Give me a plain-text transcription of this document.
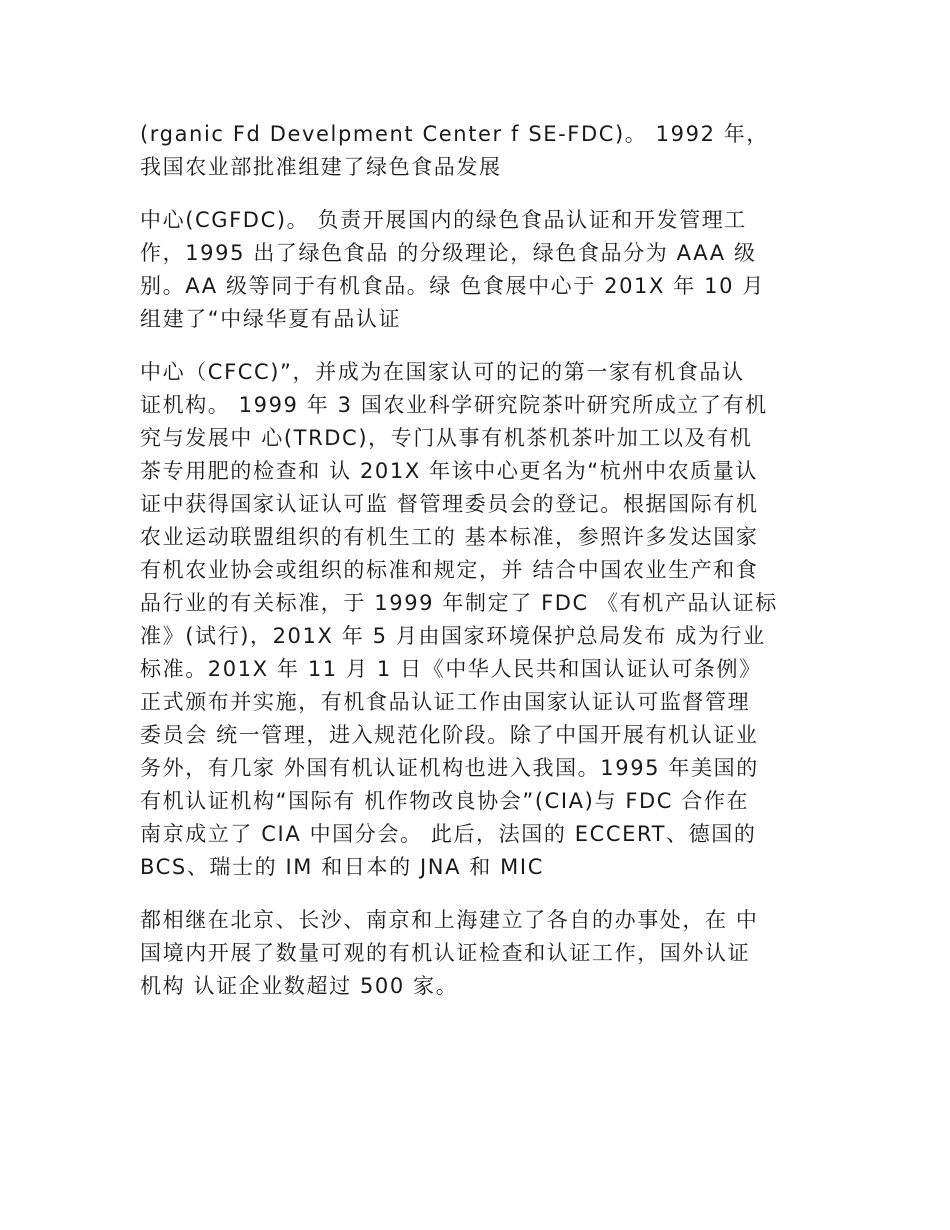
(rganic Fd Develpment Center f SE-FDC)。 1992 年，
我国农业部批准组建了绿色食品发展

中心(CGFDC)。 负责开展国内的绿色食品认证和开发管理工
作，1995 出了绿色食品 的分级理论，绿色食品分为 AAA 级
别。AA 级等同于有机食品。绿 色食展中心于 201X 年 10 月
组建了“中绿华夏有品认证

中心（CFCC)”，并成为在国家认可的记的第一家有机食品认
证机构。 1999 年 3 国农业科学研究院茶叶研究所成立了有机
究与发展中 心(TRDC)，专门从事有机茶机茶叶加工以及有机
茶专用肥的检查和 认 201X 年该中心更名为“杭州中农质量认
证中获得国家认证认可监 督管理委员会的登记。根据国际有机
农业运动联盟组织的有机生工的 基本标准，参照许多发达国家
有机农业协会或组织的标准和规定，并 结合中国农业生产和食
品行业的有关标准，于 1999 年制定了 FDC 《有机产品认证标
准》(试行)，201X 年 5 月由国家环境保护总局发布 成为行业
标准。201X 年 11 月 1 日《中华人民共和国认证认可条例》
正式颁布并实施，有机食品认证工作由国家认证认可监督管理
委员会 统一管理，进入规范化阶段。除了中国开展有机认证业
务外，有几家 外国有机认证机构也进入我国。1995 年美国的
有机认证机构“国际有 机作物改良协会”(CIA)与 FDC 合作在
南京成立了 CIA 中国分会。 此后，法国的 ECCERT、德国的
BCS、瑞士的 IM 和日本的 JNA 和 MIC

都相继在北京、长沙、南京和上海建立了各自的办事处，在 中
国境内开展了数量可观的有机认证检查和认证工作，国外认证
机构 认证企业数超过 500 家。
